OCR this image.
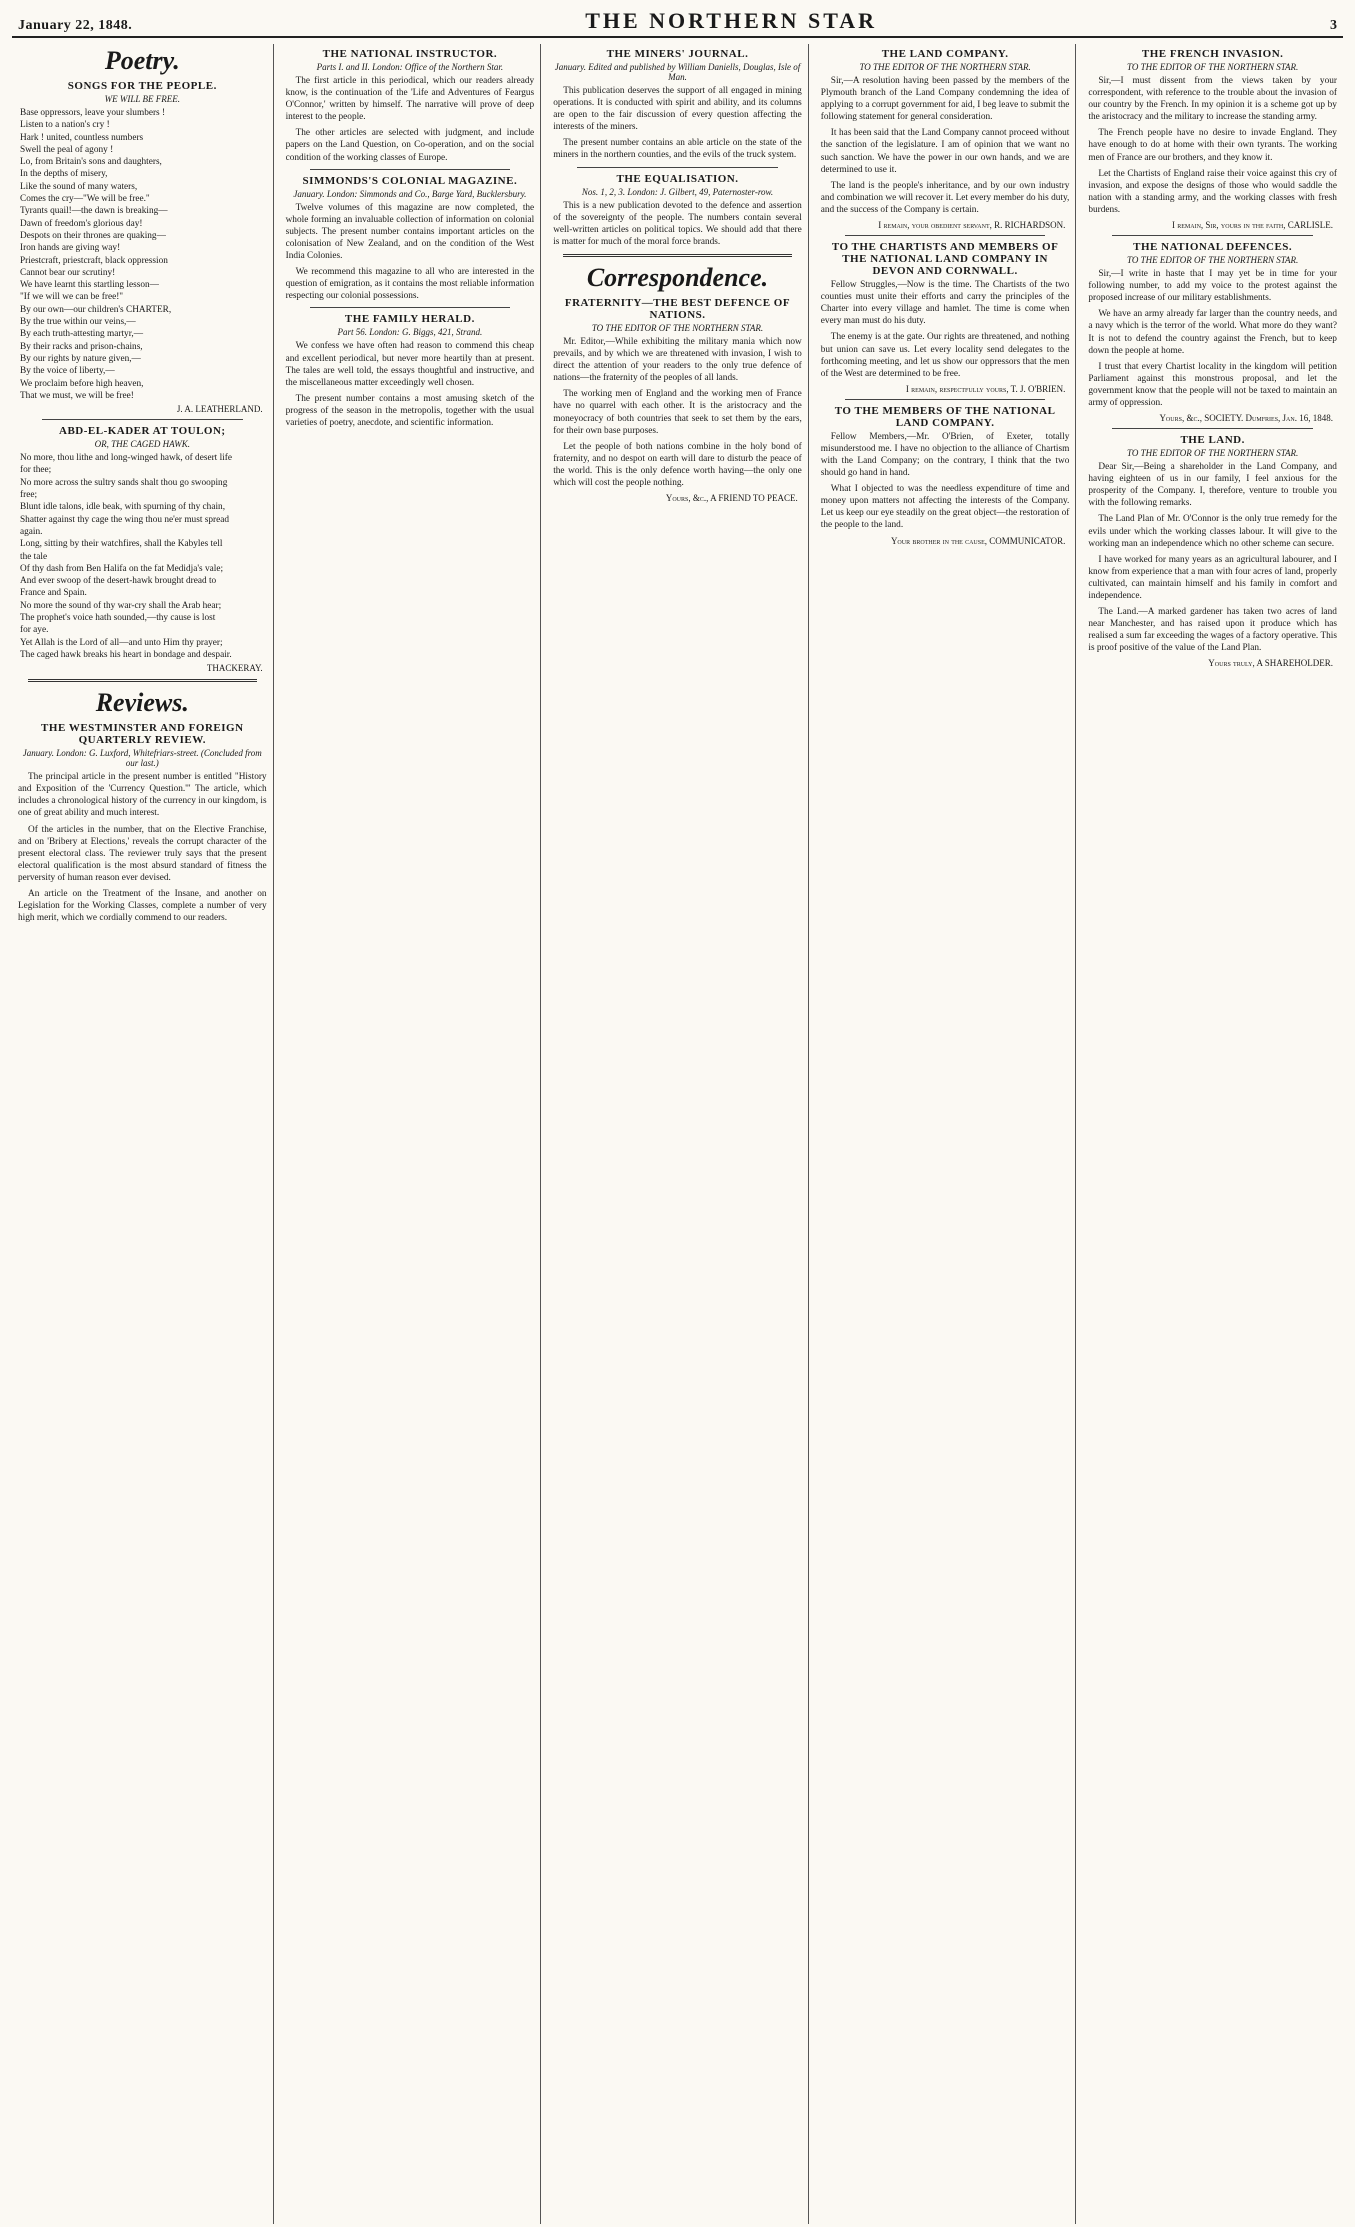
January 22, 1848.	THE NORTHERN STAR	3
Poetry.
SONGS FOR THE PEOPLE.
WE WILL BE FREE.

Base oppressors, leave your slumbers !

Listen to a nation's cry !

Hark ! united, countless numbers

Swell the peal of agony !

Lo, from Britain's sons and daughters,

In the depths of misery,

Like the sound of many waters,

Comes the cry—"We will be free."

Tyrants quail!—the dawn is breaking—

Dawn of freedom's glorious day!

Despots on their thrones are quaking—

Iron hands are giving way!

Priestcraft, priestcraft, black oppression

Cannot bear our scrutiny!

We have learnt this startling lesson—

"If we will we can be free!"

By our own—our children's CHARTER,

By the true within our veins,—

By each truth-attesting martyr,—

By their racks and prison-chains,

By our rights by nature given,—

By the voice of liberty,—

We proclaim before high heaven,

That we must, we will be free!

J. A. LEATHERLAND.
ABD-EL-KADER AT TOULON;
OR, THE CAGED HAWK.

No more, thou lithe and long-winged hawk, of desert life

for thee;

No more across the sultry sands shalt thou go swooping

free;

Blunt idle talons, idle beak, with spurning of thy chain,

Shatter against thy cage the wing thou ne'er must spread

again.

Long, sitting by their watchfires, shall the Kabyles tell

the tale

Of thy dash from Ben Halifa on the fat Medidja's vale;

And ever swoop of the desert-hawk brought dread to

France and Spain.

No more the sound of thy war-cry shall the Arab hear;

The prophet's voice hath sounded,—thy cause is lost

for aye.

Yet Allah is the Lord of all—and unto Him thy prayer;

The caged hawk breaks his heart in bondage and despair.

THACKERAY.
Reviews.
THE WESTMINSTER AND FOREIGN QUARTERLY REVIEW.
January. London: G. Luxford, Whitefriars-street. (Concluded from our last.)

The principal article in the present number is entitled "History and Exposition of the 'Currency Question.'" The article, which includes a chronological history of the currency in our kingdom, is one of great ability and much interest.

Of the articles in the number, that on the Elective Franchise, and on 'Bribery at Elections,' reveals the corrupt character of the present electoral class. The reviewer truly says that the present electoral qualification is the most absurd standard of fitness the perversity of human reason ever devised.

An article on the Treatment of the Insane, and another on Legislation for the Working Classes, complete a number of very high merit, which we cordially commend to our readers.

THE NATIONAL INSTRUCTOR.
Parts I. and II. London: Office of the Northern Star.

The first article in this periodical, which our readers already know, is the continuation of the 'Life and Adventures of Feargus O'Connor,' written by himself. The narrative will prove of deep interest to the people.

The other articles are selected with judgment, and include papers on the Land Question, on Co-operation, and on the social condition of the working classes of Europe.

SIMMONDS'S COLONIAL MAGAZINE.
January. London: Simmonds and Co., Barge Yard, Bucklersbury.

Twelve volumes of this magazine are now completed, the whole forming an invaluable collection of information on colonial subjects. The present number contains important articles on the colonisation of New Zealand, and on the condition of the West India Colonies.

We recommend this magazine to all who are interested in the question of emigration, as it contains the most reliable information respecting our colonial possessions.

THE FAMILY HERALD.
Part 56. London: G. Biggs, 421, Strand.

We confess we have often had reason to commend this cheap and excellent periodical, but never more heartily than at present. The tales are well told, the essays thoughtful and instructive, and the miscellaneous matter exceedingly well chosen.

The present number contains a most amusing sketch of the progress of the season in the metropolis, together with the usual varieties of poetry, anecdote, and scientific information.

THE MINERS' JOURNAL.
January. Edited and published by William Daniells, Douglas, Isle of Man.

This publication deserves the support of all engaged in mining operations. It is conducted with spirit and ability, and its columns are open to the fair discussion of every question affecting the interests of the miners.

The present number contains an able article on the state of the miners in the northern counties, and the evils of the truck system.

THE EQUALISATION.
Nos. 1, 2, 3. London: J. Gilbert, 49, Paternoster-row.

This is a new publication devoted to the defence and assertion of the sovereignty of the people. The numbers contain several well-written articles on political topics. We should add that there is matter for much of the moral force brands.

Correspondence.
FRATERNITY—THE BEST DEFENCE OF NATIONS.
TO THE EDITOR OF THE NORTHERN STAR.

Mr. Editor,—While exhibiting the military mania which now prevails, and by which we are threatened with invasion, I wish to direct the attention of your readers to the only true defence of nations—the fraternity of the peoples of all lands.

The working men of England and the working men of France have no quarrel with each other. It is the aristocracy and the moneyocracy of both countries that seek to set them by the ears, for their own base purposes.

Let the people of both nations combine in the holy bond of fraternity, and no despot on earth will dare to disturb the peace of the world. This is the only defence worth having—the only one which will cost the people nothing.

Yours, &c., A FRIEND TO PEACE.
THE LAND COMPANY.
TO THE EDITOR OF THE NORTHERN STAR.

Sir,—A resolution having been passed by the members of the Plymouth branch of the Land Company condemning the idea of applying to a corrupt government for aid, I beg leave to submit the following statement for general consideration.

It has been said that the Land Company cannot proceed without the sanction of the legislature. I am of opinion that we want no such sanction. We have the power in our own hands, and we are determined to use it.

The land is the people's inheritance, and by our own industry and combination we will recover it. Let every member do his duty, and the success of the Company is certain.

I remain, your obedient servant, R. RICHARDSON.
TO THE CHARTISTS AND MEMBERS OF THE NATIONAL LAND COMPANY IN DEVON AND CORNWALL.

Fellow Struggles,—Now is the time. The Chartists of the two counties must unite their efforts and carry the principles of the Charter into every village and hamlet. The time is come when every man must do his duty.

The enemy is at the gate. Our rights are threatened, and nothing but union can save us. Let every locality send delegates to the forthcoming meeting, and let us show our oppressors that the men of the West are determined to be free.

I remain, respectfully yours, T. J. O'BRIEN.
TO THE MEMBERS OF THE NATIONAL LAND COMPANY.

Fellow Members,—Mr. O'Brien, of Exeter, totally misunderstood me. I have no objection to the alliance of Chartism with the Land Company; on the contrary, I think that the two should go hand in hand.

What I objected to was the needless expenditure of time and money upon matters not affecting the interests of the Company. Let us keep our eye steadily on the great object—the restoration of the people to the land.

Your brother in the cause, COMMUNICATOR.
THE FRENCH INVASION.
TO THE EDITOR OF THE NORTHERN STAR.

Sir,—I must dissent from the views taken by your correspondent, with reference to the trouble about the invasion of our country by the French. In my opinion it is a scheme got up by the aristocracy and the military to increase the standing army.

The French people have no desire to invade England. They have enough to do at home with their own tyrants. The working men of France are our brothers, and they know it.

Let the Chartists of England raise their voice against this cry of invasion, and expose the designs of those who would saddle the nation with a standing army, and the working classes with fresh burdens.

I remain, Sir, yours in the faith, CARLISLE.
THE NATIONAL DEFENCES.
TO THE EDITOR OF THE NORTHERN STAR.

Sir,—I write in haste that I may yet be in time for your following number, to add my voice to the protest against the proposed increase of our military establishments.

We have an army already far larger than the country needs, and a navy which is the terror of the world. What more do they want? It is not to defend the country against the French, but to keep down the people at home.

I trust that every Chartist locality in the kingdom will petition Parliament against this monstrous proposal, and let the government know that the people will not be taxed to maintain an army of oppression.

Yours, &c., SOCIETY. Dumfries, Jan. 16, 1848.
THE LAND.
TO THE EDITOR OF THE NORTHERN STAR.

Dear Sir,—Being a shareholder in the Land Company, and having eighteen of us in our family, I feel anxious for the prosperity of the Company. I, therefore, venture to trouble you with the following remarks.

The Land Plan of Mr. O'Connor is the only true remedy for the evils under which the working classes labour. It will give to the working man an independence which no other scheme can secure.

I have worked for many years as an agricultural labourer, and I know from experience that a man with four acres of land, properly cultivated, can maintain himself and his family in comfort and independence.

The Land.—A marked gardener has taken two acres of land near Manchester, and has raised upon it produce which has realised a sum far exceeding the wages of a factory operative. This is proof positive of the value of the Land Plan.

Yours truly, A SHAREHOLDER.
